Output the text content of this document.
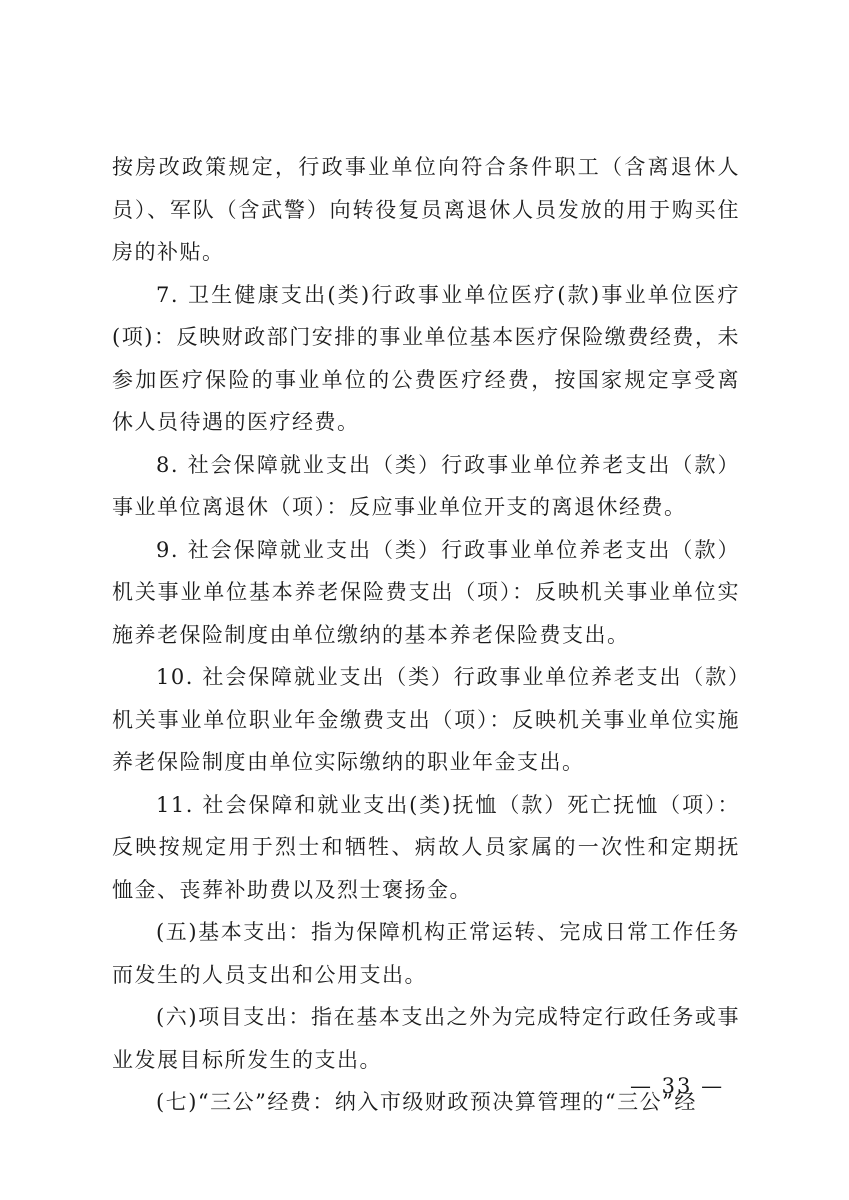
按房改政策规定，行政事业单位向符合条件职工（含离退休人员）、军队（含武警）向转役复员离退休人员发放的用于购买住房的补贴。

7. 卫生健康支出(类)行政事业单位医疗(款)事业单位医疗(项)：反映财政部门安排的事业单位基本医疗保险缴费经费，未参加医疗保险的事业单位的公费医疗经费，按国家规定享受离休人员待遇的医疗经费。

8. 社会保障就业支出（类）行政事业单位养老支出（款）事业单位离退休（项）：反应事业单位开支的离退休经费。

9. 社会保障就业支出（类）行政事业单位养老支出（款）机关事业单位基本养老保险费支出（项）：反映机关事业单位实施养老保险制度由单位缴纳的基本养老保险费支出。

10. 社会保障就业支出（类）行政事业单位养老支出（款）机关事业单位职业年金缴费支出（项）：反映机关事业单位实施养老保险制度由单位实际缴纳的职业年金支出。

11. 社会保障和就业支出(类)抚恤（款）死亡抚恤（项）：反映按规定用于烈士和牺牲、病故人员家属的一次性和定期抚恤金、丧葬补助费以及烈士褒扬金。

(五)基本支出：指为保障机构正常运转、完成日常工作任务而发生的人员支出和公用支出。

(六)项目支出：指在基本支出之外为完成特定行政任务或事业发展目标所发生的支出。

(七)“三公”经费：纳入市级财政预决算管理的“三公”经

— 33 —
